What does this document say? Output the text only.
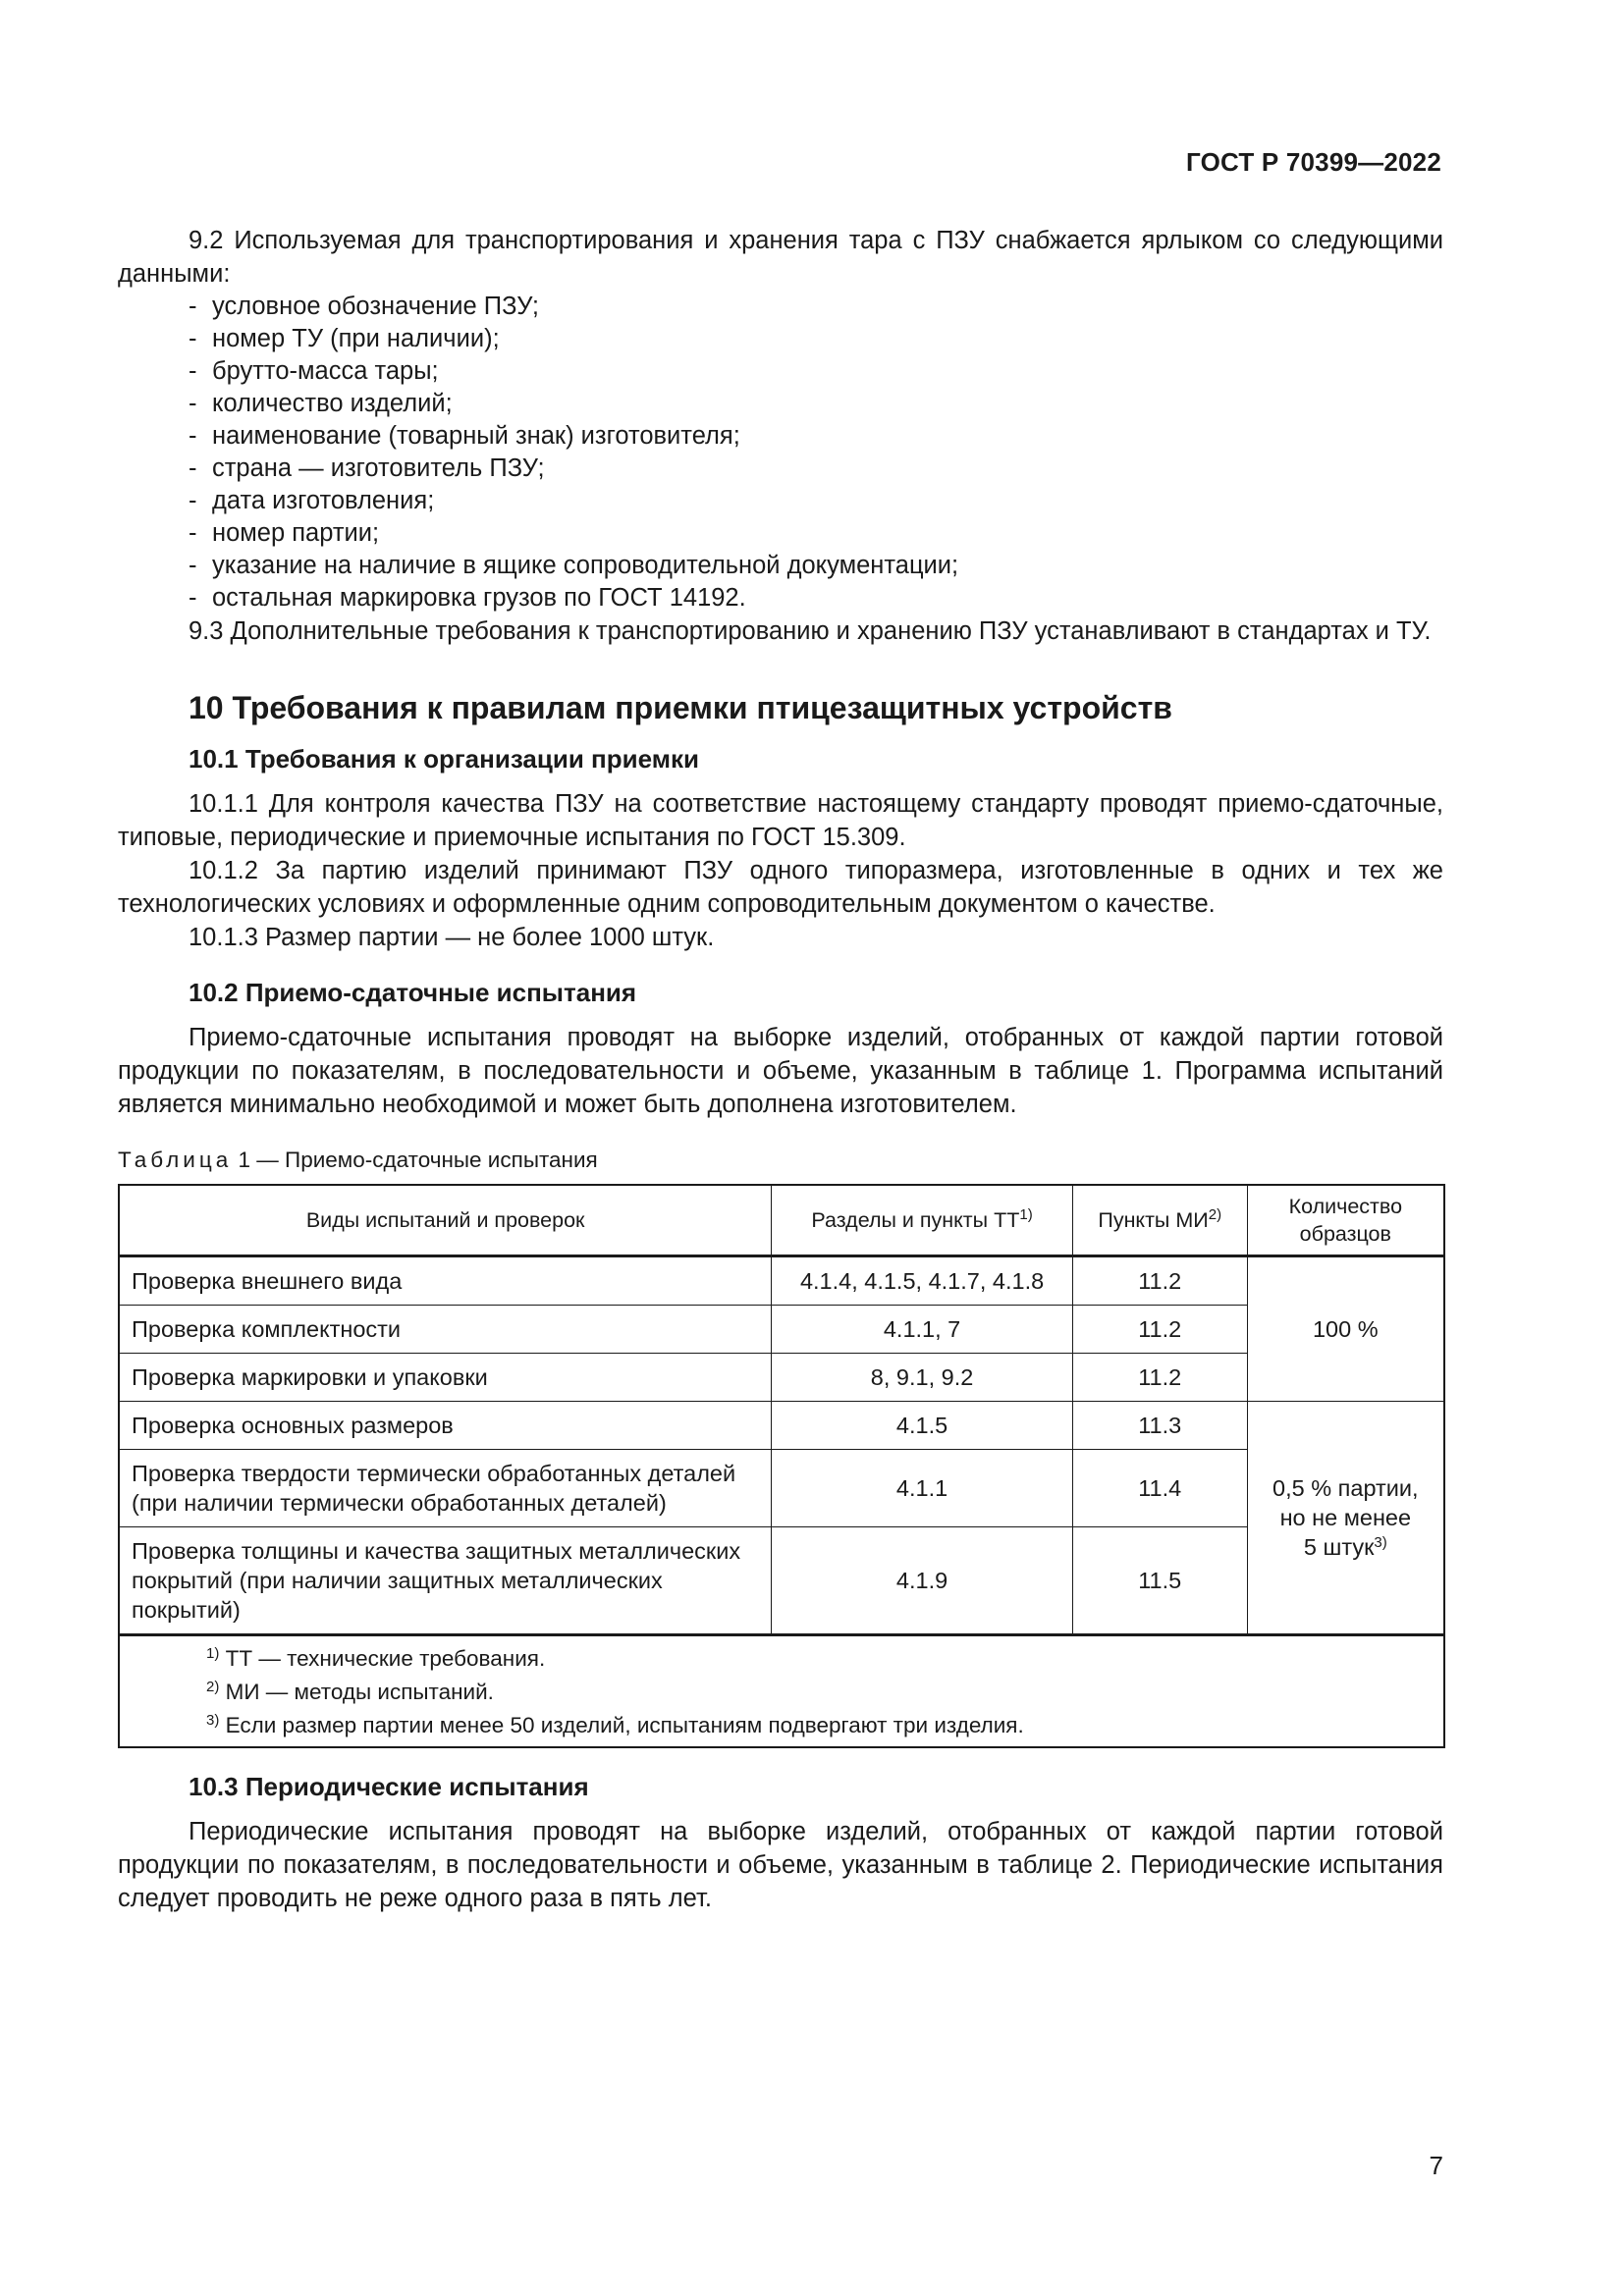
ГОСТ Р 70399—2022

9.2 Используемая для транспортирования и хранения тара с ПЗУ снабжается ярлыком со следующими данными:

- условное обозначение ПЗУ;
- номер ТУ (при наличии);
- брутто-масса тары;
- количество изделий;
- наименование (товарный знак) изготовителя;
- страна — изготовитель ПЗУ;
- дата изготовления;
- номер партии;
- указание на наличие в ящике сопроводительной документации;
- остальная маркировка грузов по ГОСТ 14192.

9.3 Дополнительные требования к транспортированию и хранению ПЗУ устанавливают в стандартах и ТУ.

10 Требования к правилам приемки птицезащитных устройств
10.1 Требования к организации приемки

10.1.1 Для контроля качества ПЗУ на соответствие настоящему стандарту проводят приемо-сдаточные, типовые, периодические и приемочные испытания по ГОСТ 15.309.

10.1.2 За партию изделий принимают ПЗУ одного типоразмера, изготовленные в одних и тех же технологических условиях и оформленные одним сопроводительным документом о качестве.

10.1.3 Размер партии — не более 1000 штук.

10.2 Приемо-сдаточные испытания

Приемо-сдаточные испытания проводят на выборке изделий, отобранных от каждой партии готовой продукции по показателям, в последовательности и объеме, указанным в таблице 1. Программа испытаний является минимально необходимой и может быть дополнена изготовителем.

Таблица 1 — Приемо-сдаточные испытания
Виды испытаний и проверок	Разделы и пункты ТТ$^{1)}$	Пункты МИ$^{2)}$	Количество
образцов
Проверка внешнего вида	4.1.4, 4.1.5, 4.1.7, 4.1.8	11.2	100 %
Проверка комплектности	4.1.1, 7	11.2	
Проверка маркировки и упаковки	8, 9.1, 9.2	11.2	
Проверка основных размеров	4.1.5	11.3	0,5 % партии,
но не менее
5 штук$^{3)}$
Проверка твердости термически обработанных деталей (при наличии термически обработанных деталей)	4.1.1	11.4	
Проверка толщины и качества защитных металлических покрытий (при наличии защитных металлических покрытий)	4.1.9	11.5	

$^{1)}$ ТТ — технические требования.
$^{2)}$ МИ — методы испытаний.
$^{3)}$ Если размер партии менее 50 изделий, испытаниям подвергают три изделия.			
10.3 Периодические испытания

Периодические испытания проводят на выборке изделий, отобранных от каждой партии готовой продукции по показателям, в последовательности и объеме, указанным в таблице 2. Периодические испытания следует проводить не реже одного раза в пять лет.

7
